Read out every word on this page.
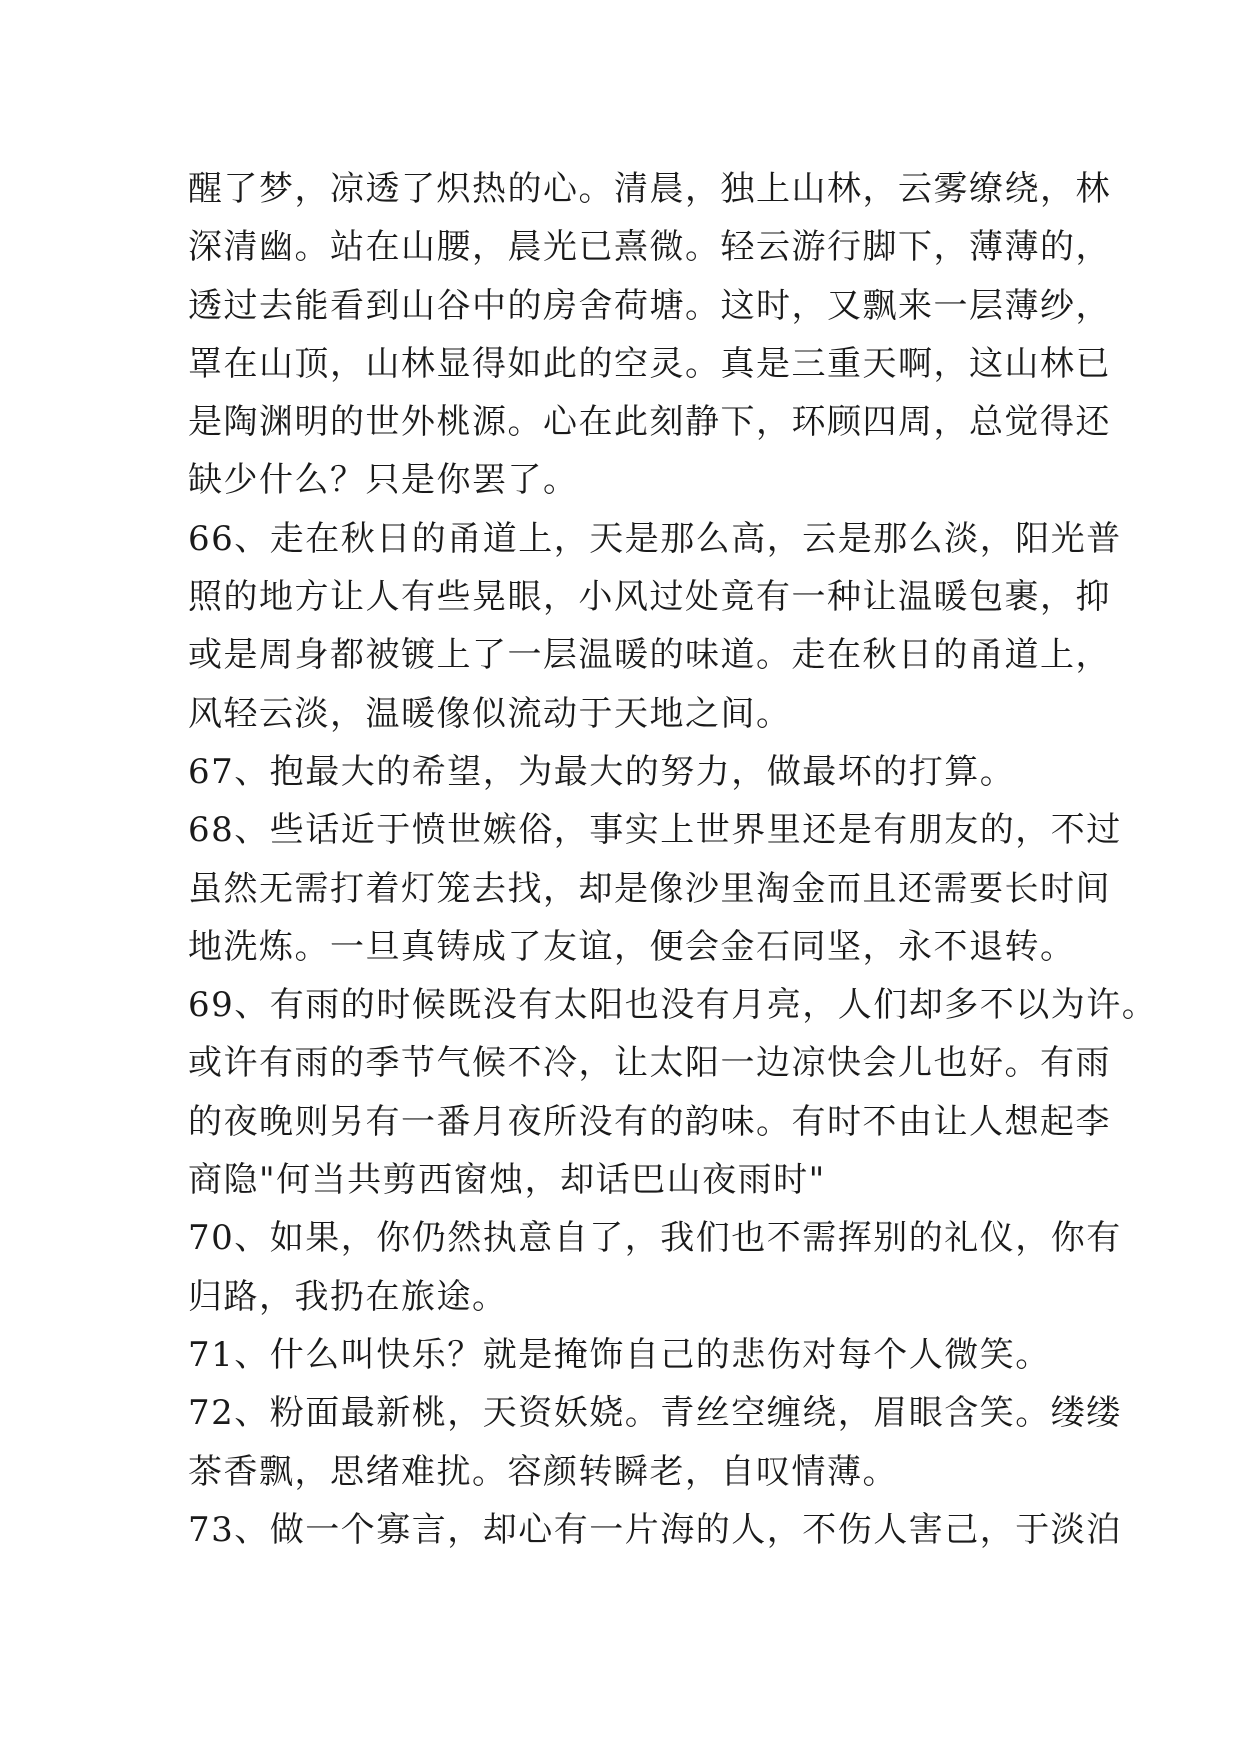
醒了梦，凉透了炽热的心。清晨，独上山林，云雾缭绕，林
深清幽。站在山腰，晨光已熹微。轻云游行脚下，薄薄的，
透过去能看到山谷中的房舍荷塘。这时，又飘来一层薄纱，
罩在山顶，山林显得如此的空灵。真是三重天啊，这山林已
是陶渊明的世外桃源。心在此刻静下，环顾四周，总觉得还
缺少什么？只是你罢了。
66、走在秋日的甬道上，天是那么高，云是那么淡，阳光普
照的地方让人有些晃眼，小风过处竟有一种让温暖包裹，抑
或是周身都被镀上了一层温暖的味道。走在秋日的甬道上，
风轻云淡，温暖像似流动于天地之间。
67、抱最大的希望，为最大的努力，做最坏的打算。
68、些话近于愤世嫉俗，事实上世界里还是有朋友的，不过
虽然无需打着灯笼去找，却是像沙里淘金而且还需要长时间
地洗炼。一旦真铸成了友谊，便会金石同坚，永不退转。
69、有雨的时候既没有太阳也没有月亮，人们却多不以为许。
或许有雨的季节气候不冷，让太阳一边凉快会儿也好。有雨
的夜晚则另有一番月夜所没有的韵味。有时不由让人想起李
商隐"何当共剪西窗烛，却话巴山夜雨时"
70、如果，你仍然执意自了，我们也不需挥别的礼仪，你有
归路，我扔在旅途。
71、什么叫快乐？就是掩饰自己的悲伤对每个人微笑。
72、粉面最新桃，天资妖娆。青丝空缠绕，眉眼含笑。缕缕
茶香飘，思绪难扰。容颜转瞬老，自叹情薄。
73、做一个寡言，却心有一片海的人，不伤人害己，于淡泊
